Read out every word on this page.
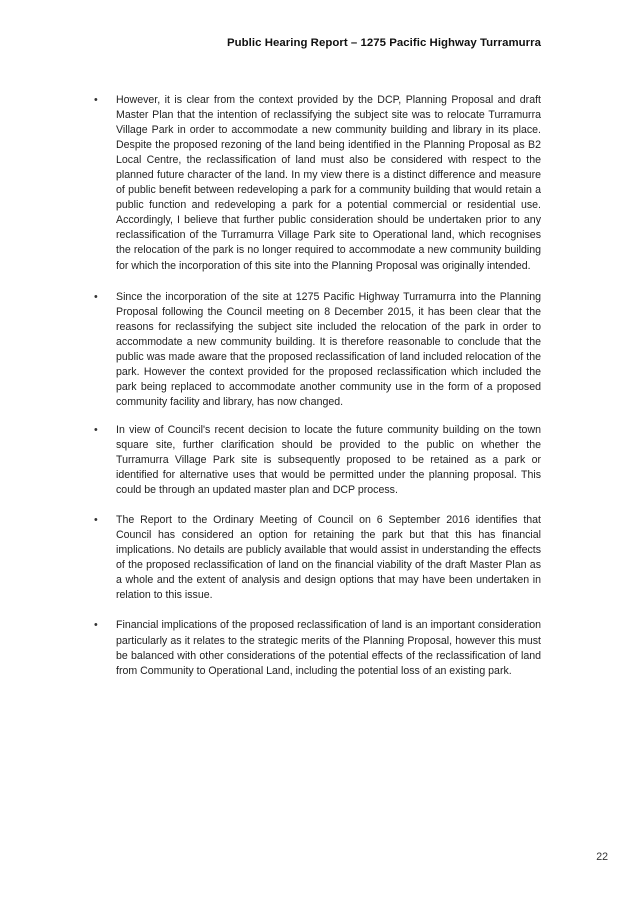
Public Hearing Report – 1275 Pacific Highway Turramurra
• However, it is clear from the context provided by the DCP, Planning Proposal and draft Master Plan that the intention of reclassifying the subject site was to relocate Turramurra Village Park in order to accommodate a new community building and library in its place. Despite the proposed rezoning of the land being identified in the Planning Proposal as B2 Local Centre, the reclassification of land must also be considered with respect to the planned future character of the land. In my view there is a distinct difference and measure of public benefit between redeveloping a park for a community building that would retain a public function and redeveloping a park for a potential commercial or residential use. Accordingly, I believe that further public consideration should be undertaken prior to any reclassification of the Turramurra Village Park site to Operational land, which recognises the relocation of the park is no longer required to accommodate a new community building for which the incorporation of this site into the Planning Proposal was originally intended.

• Since the incorporation of the site at 1275 Pacific Highway Turramurra into the Planning Proposal following the Council meeting on 8 December 2015, it has been clear that the reasons for reclassifying the subject site included the relocation of the park in order to accommodate a new community building. It is therefore reasonable to conclude that the public was made aware that the proposed reclassification of land included relocation of the park. However the context provided for the proposed reclassification which included the park being replaced to accommodate another community use in the form of a proposed community facility and library, has now changed.

• In view of Council's recent decision to locate the future community building on the town square site, further clarification should be provided to the public on whether the Turramurra Village Park site is subsequently proposed to be retained as a park or identified for alternative uses that would be permitted under the planning proposal. This could be through an updated master plan and DCP process.

• The Report to the Ordinary Meeting of Council on 6 September 2016 identifies that Council has considered an option for retaining the park but that this has financial implications. No details are publicly available that would assist in understanding the effects of the proposed reclassification of land on the financial viability of the draft Master Plan as a whole and the extent of analysis and design options that may have been undertaken in relation to this issue.

• Financial implications of the proposed reclassification of land is an important consideration particularly as it relates to the strategic merits of the Planning Proposal, however this must be balanced with other considerations of the potential effects of the reclassification of land from Community to Operational Land, including the potential loss of an existing park.

22
